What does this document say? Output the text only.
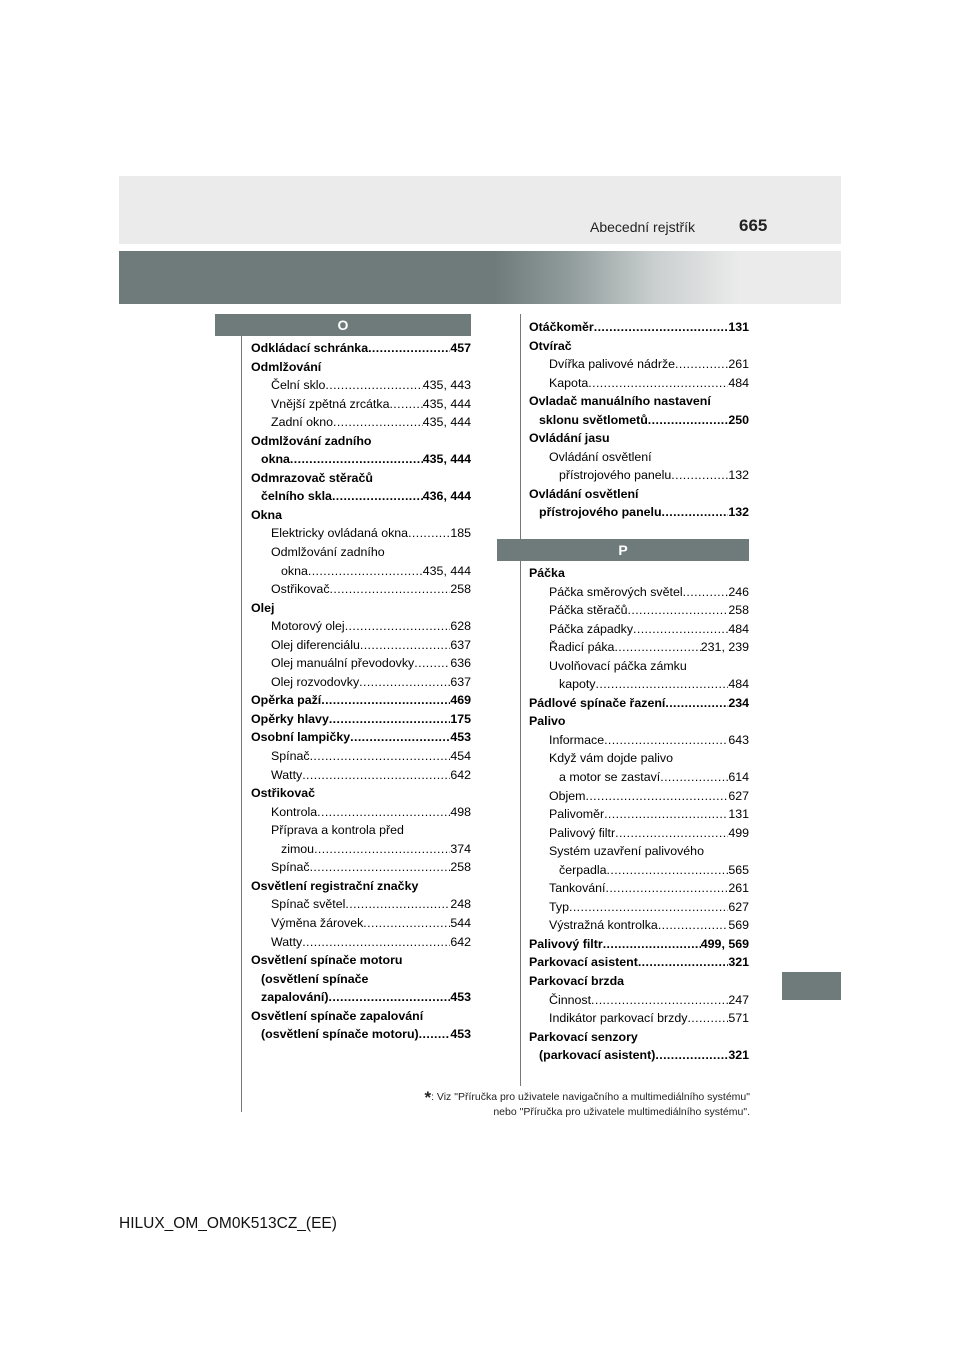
Abecední rejstřík	665
O
P
Odkládací schránka .....	457
Odmlžování
Čelní sklo .....	435, 443
Vnější zpětná zrcátka .....	435, 444
Zadní okno .....	435, 444
Odmlžování zadního
okna .....	435, 444
Odmrazovač stěračů
čelního skla .....	436, 444
Okna
Elektricky ovládaná okna .....	185
Odmlžování zadního
okna .....	435, 444
Ostřikovač .....	258
Olej
Motorový olej .....	628
Olej diferenciálu .....	637
Olej manuální převodovky .....	636
Olej rozvodovky .....	637
Opěrka paží .....	469
Opěrky hlavy .....	175
Osobní lampičky .....	453
Spínač .....	454
Watty .....	642
Ostřikovač
Kontrola .....	498
Příprava a kontrola před
zimou .....	374
Spínač .....	258
Osvětlení registrační značky
Spínač světel .....	248
Výměna žárovek .....	544
Watty .....	642
Osvětlení spínače motoru
(osvětlení spínače
zapalování) .....	453
Osvětlení spínače zapalování
(osvětlení spínače motoru) .....	453
Otáčkoměr .....	131
Otvírač
Dvířka palivové nádrže .....	261
Kapota .....	484
Ovladač manuálního nastavení
sklonu světlometů .....	250
Ovládání jasu
Ovládání osvětlení
přístrojového panelu .....	132
Ovládání osvětlení
přístrojového panelu .....	132
Páčka
Páčka směrových světel .....	246
Páčka stěračů .....	258
Páčka západky .....	484
Řadicí páka .....	231, 239
Uvolňovací páčka zámku
kapoty .....	484
Pádlové spínače řazení .....	234
Palivo
Informace .....	643
Když vám dojde palivo
a motor se zastaví .....	614
Objem .....	627
Palivoměr .....	131
Palivový filtr .....	499
Systém uzavření palivového
čerpadla .....	565
Tankování .....	261
Typ .....	627
Výstražná kontrolka .....	569
Palivový filtr .....	499, 569
Parkovací asistent .....	321
Parkovací brzda
Činnost .....	247
Indikátor parkovací brzdy .....	571
Parkovací senzory
(parkovací asistent) .....	321
*: Viz "Příručka pro uživatele navigačního a multimediálního systému"
nebo "Příručka pro uživatele multimediálního systému".
HILUX_OM_OM0K513CZ_(EE)
